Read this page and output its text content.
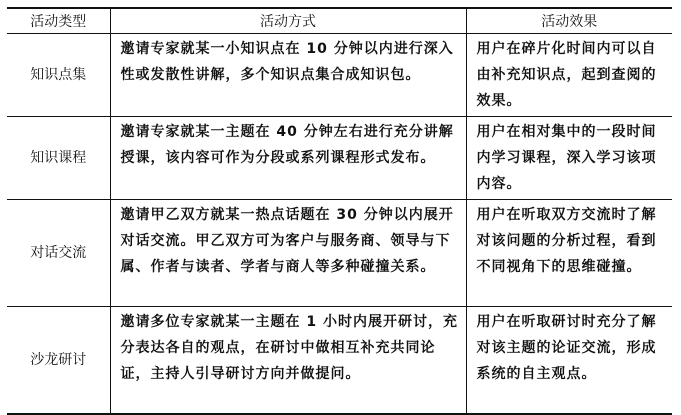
活动类型	活动方式	活动效果
知识点集	邀请专家就某一小知识点在 10 分钟以内进行深入性或发散性讲解，多个知识点集合成知识包。	用户在碎片化时间内可以自由补充知识点，起到查阅的效果。
知识课程	邀请专家就某一主题在 40 分钟左右进行充分讲解授课，该内容可作为分段或系列课程形式发布。	用户在相对集中的一段时间内学习课程，深入学习该项内容。
对话交流	邀请甲乙双方就某一热点话题在 30 分钟以内展开对话交流。甲乙双方可为客户与服务商、领导与下属、作者与读者、学者与商人等多种碰撞关系。	用户在听取双方交流时了解对该问题的分析过程，看到不同视角下的思维碰撞。
沙龙研讨	邀请多位专家就某一主题在 1 小时内展开研讨，充分表达各自的观点，在研讨中做相互补充共同论证，主持人引导研讨方向并做提问。	用户在听取研讨时充分了解对该主题的论证交流，形成系统的自主观点。
